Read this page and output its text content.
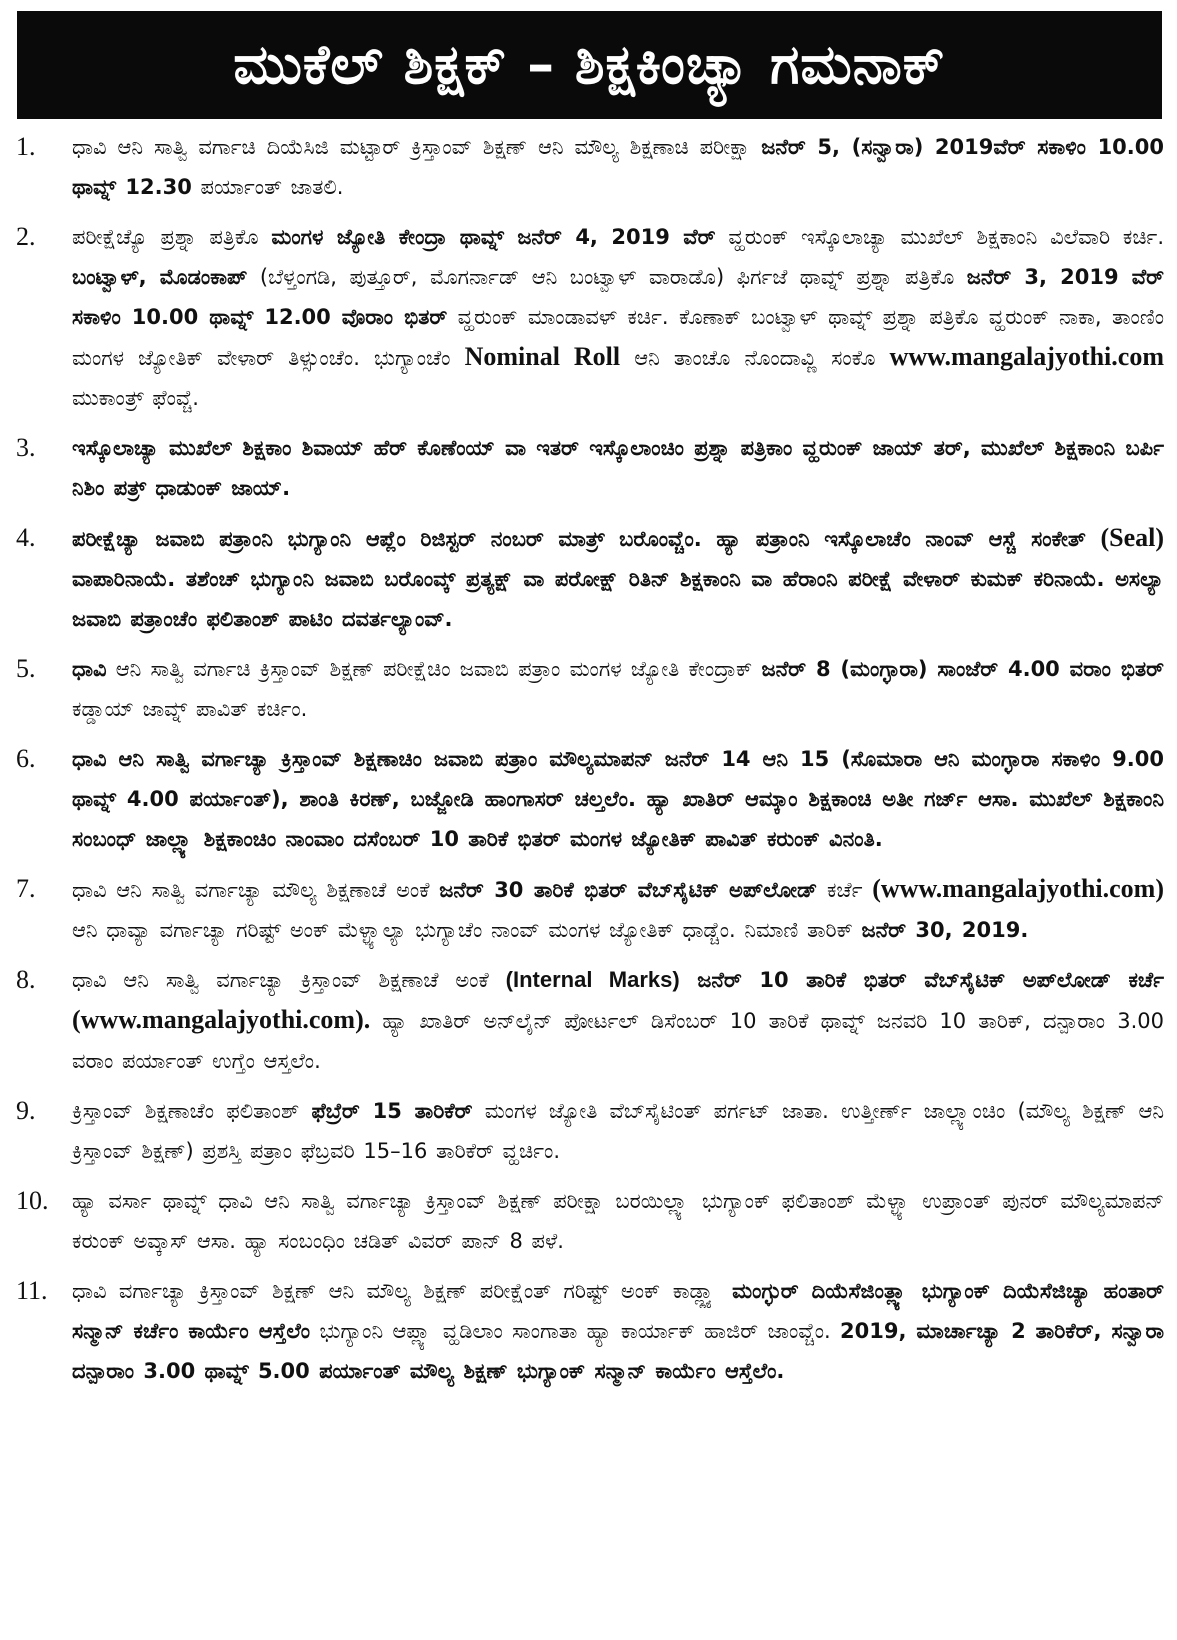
ಮುಕೆಲ್ ಶಿಕ್ಷಕ್ – ಶಿಕ್ಷಕಿಂಚ್ಯಾ ಗಮನಾಕ್
1.	ಧಾವಿ ಆನಿ ಸಾತ್ವಿ ವರ್ಗಾಚಿ ದಿಯೆಸಿಜಿ ಮಟ್ಟಾರ್ ಕ್ರಿಸ್ತಾಂವ್ ಶಿಕ್ಷಣ್ ಆನಿ ಮೌಲ್ಯ ಶಿಕ್ಷಣಾಚಿ ಪರೀಕ್ಷಾ ಜನೆರ್ 5, (ಸನ್ವಾರಾ) 2019ವೆರ್ ಸಕಾಳಿಂ 10.00 ಥಾವ್ನ್ 12.30 ಪರ್ಯಾಂತ್ ಜಾತಲಿ.
2.	ಪರೀಕ್ಷೆಚ್ಯೊ ಪ್ರಶ್ನಾ ಪತ್ರಿಕೊ ಮಂಗಳ ಜ್ಯೋತಿ ಕೇಂದ್ರಾ ಥಾವ್ನ್ ಜನೆರ್ 4, 2019 ವೆರ್ ವ್ಹರುಂಕ್ ಇಸ್ಕೊಲಾಚ್ಯಾ ಮುಖೆಲ್ ಶಿಕ್ಷಕಾಂನಿ ವಿಲೆವಾರಿ ಕರ್ಚಿ. ಬಂಟ್ವಾಳ್, ಮೊಡಂಕಾಪ್ (ಬೆಳ್ತಂಗಡಿ, ಪುತ್ತೂರ್, ಮೊಗರ್ನಾಡ್ ಆನಿ ಬಂಟ್ವಾಳ್ ವಾರಾಡೊ) ಫಿರ್ಗಜೆ ಥಾವ್ನ್ ಪ್ರಶ್ನಾ ಪತ್ರಿಕೊ ಜನೆರ್ 3, 2019 ವೆರ್ ಸಕಾಳಿಂ 10.00 ಥಾವ್ನ್ 12.00 ವೊರಾಂ ಭಿತರ್ ವ್ಹರುಂಕ್ ಮಾಂಡಾವಳ್ ಕರ್ಚಿ. ಕೊಣಾಕ್ ಬಂಟ್ವಾಳ್ ಥಾವ್ನ್ ಪ್ರಶ್ನಾ ಪತ್ರಿಕೊ ವ್ಹರುಂಕ್ ನಾಕಾ, ತಾಂಣಿಂ ಮಂಗಳ ಜ್ಯೋತಿಕ್ ವೇಳಾರ್ ತಿಳ್ಸುಂಚೆಂ. ಭುಗ್ಯಾಂಚೆಂ Nominal Roll ಆನಿ ತಾಂಚೊ ನೊಂದಾವ್ಣಿ ಸಂಕೊ www.mangalajyothi.com ಮುಕಾಂತ್ರ್ ಫೆಂವ್ಚೆ.
3.	ಇಸ್ಕೊಲಾಚ್ಯಾ ಮುಖೆಲ್ ಶಿಕ್ಷಕಾಂ ಶಿವಾಯ್ ಹೆರ್ ಕೊಣೆಂಯ್ ವಾ ಇತರ್ ಇಸ್ಕೊಲಾಂಚಿಂ ಪ್ರಶ್ನಾ ಪತ್ರಿಕಾಂ ವ್ಹರುಂಕ್ ಜಾಯ್ ತರ್, ಮುಖೆಲ್ ಶಿಕ್ಷಕಾಂನಿ ಬರ್ಪಿ ನಿಶಿಂ ಪತ್ರ್ ಧಾಡುಂಕ್ ಜಾಯ್.
4.	ಪರೀಕ್ಷೆಚ್ಯಾ ಜವಾಬಿ ಪತ್ರಾಂನಿ ಭುಗ್ಯಾಂನಿ ಆಪ್ಲೆಂ ರಿಜಿಸ್ಟರ್ ನಂಬರ್ ಮಾತ್ರ್ ಬರೊಂವ್ಚೆಂ. ಹ್ಯಾ ಪತ್ರಾಂನಿ ಇಸ್ಕೊಲಾಚೆಂ ನಾಂವ್ ಆಸ್ಚೆ ಸಂಕೇತ್ (Seal) ವಾಪಾರಿನಾಯೆ. ತಶೆಂಚ್ ಭುಗ್ಯಾಂನಿ ಜವಾಬಿ ಬರೊಂವ್ಕ್ ಪ್ರತ್ಯಕ್ಷ್ ವಾ ಪರೋಕ್ಷ್ ರಿತಿನ್ ಶಿಕ್ಷಕಾಂನಿ ವಾ ಹೆರಾಂನಿ ಪರೀಕ್ಷೆ ವೇಳಾರ್ ಕುಮಕ್ ಕರಿನಾಯೆ. ಅಸಲ್ಯಾ ಜವಾಬಿ ಪತ್ರಾಂಚೆಂ ಫಲಿತಾಂಶ್ ಪಾಟಿಂ ದವರ್ತಲ್ಯಾಂವ್.
5.	ಧಾವಿ ಆನಿ ಸಾತ್ವಿ ವರ್ಗಾಚಿ ಕ್ರಿಸ್ತಾಂವ್ ಶಿಕ್ಷಣ್ ಪರೀಕ್ಷೆಚಿಂ ಜವಾಬಿ ಪತ್ರಾಂ ಮಂಗಳ ಜ್ಯೋತಿ ಕೇಂದ್ರಾಕ್ ಜನೆರ್ 8 (ಮಂಗ್ಳಾರಾ) ಸಾಂಜೆರ್ 4.00 ವರಾಂ ಭಿತರ್ ಕಡ್ಡಾಯ್ ಜಾವ್ನ್ ಪಾವಿತ್ ಕರ್ಚಿಂ.
6.	ಧಾವಿ ಆನಿ ಸಾತ್ವಿ ವರ್ಗಾಚ್ಯಾ ಕ್ರಿಸ್ತಾಂವ್ ಶಿಕ್ಷಣಾಚಿಂ ಜವಾಬಿ ಪತ್ರಾಂ ಮೌಲ್ಯಮಾಪನ್ ಜನೆರ್ 14 ಆನಿ 15 (ಸೊಮಾರಾ ಆನಿ ಮಂಗ್ಳಾರಾ ಸಕಾಳಿಂ 9.00 ಥಾವ್ನ್ 4.00 ಪರ್ಯಾಂತ್), ಶಾಂತಿ ಕಿರಣ್, ಬಜ್ಜೋಡಿ ಹಾಂಗಾಸರ್ ಚಲ್ತಲೆಂ. ಹ್ಯಾ ಖಾತಿರ್ ಆಮ್ಕಾಂ ಶಿಕ್ಷಕಾಂಚಿ ಅತೀ ಗರ್ಜ್ ಆಸಾ. ಮುಖೆಲ್ ಶಿಕ್ಷಕಾಂನಿ ಸಂಬಂಧ್ ಜಾಲ್ಲ್ಯಾ ಶಿಕ್ಷಕಾಂಚಿಂ ನಾಂವಾಂ ದಸೆಂಬರ್ 10 ತಾರಿಕೆ ಭಿತರ್ ಮಂಗಳ ಜ್ಯೋತಿಕ್ ಪಾವಿತ್ ಕರುಂಕ್ ವಿನಂತಿ.
7.	ಧಾವಿ ಆನಿ ಸಾತ್ವಿ ವರ್ಗಾಚ್ಯಾ ಮೌಲ್ಯ ಶಿಕ್ಷಣಾಚೆ ಅಂಕೆ ಜನೆರ್ 30 ತಾರಿಕೆ ಭಿತರ್ ವೆಬ್‌ಸೈಟಿಕ್ ಅಪ್‌ಲೋಡ್ ಕರ್ಚೆ (www.mangalajyothi.com) ಆನಿ ಧಾವ್ಯಾ ವರ್ಗಾಚ್ಯಾ ಗರಿಷ್ಟ್ ಅಂಕ್ ಮೆಳ್ಳ್ಯಾಲ್ಯಾ ಭುಗ್ಯಾಚೆಂ ನಾಂವ್ ಮಂಗಳ ಜ್ಯೋತಿಕ್ ಧಾಡ್ಚೆಂ. ನಿಮಾಣಿ ತಾರಿಕ್ ಜನೆರ್ 30, 2019.
8.	ಧಾವಿ ಆನಿ ಸಾತ್ವಿ ವರ್ಗಾಚ್ಯಾ ಕ್ರಿಸ್ತಾಂವ್ ಶಿಕ್ಷಣಾಚೆ ಅಂಕೆ (Internal Marks) ಜನೆರ್ 10 ತಾರಿಕೆ ಭಿತರ್ ವೆಬ್‌ಸೈಟಿಕ್ ಅಪ್‌ಲೋಡ್ ಕರ್ಚೆ (www.mangalajyothi.com). ಹ್ಯಾ ಖಾತಿರ್ ಅನ್‌ಲೈನ್ ಪೋರ್ಟಲ್ ಡಿಸೆಂಬರ್ 10 ತಾರಿಕೆ ಥಾವ್ನ್ ಜನವರಿ 10 ತಾರಿಕ್, ದನ್ಪಾರಾಂ 3.00 ವರಾಂ ಪರ್ಯಾಂತ್ ಉಗ್ತೆಂ ಆಸ್ತಲೆಂ.
9.	ಕ್ರಿಸ್ತಾಂವ್ ಶಿಕ್ಷಣಾಚೆಂ ಫಲಿತಾಂಶ್ ಫೆಬ್ರೆರ್ 15 ತಾರಿಕೆರ್ ಮಂಗಳ ಜ್ಯೋತಿ ವೆಬ್‌ಸೈಟಿಂತ್ ಪರ್ಗಟ್ ಜಾತಾ. ಉತ್ತೀರ್ಣ್ ಜಾಲ್ಲ್ಯಾಂಚಿಂ (ಮೌಲ್ಯ ಶಿಕ್ಷಣ್ ಆನಿ ಕ್ರಿಸ್ತಾಂವ್ ಶಿಕ್ಷಣ್) ಪ್ರಶಸ್ತಿ ಪತ್ರಾಂ ಫೆಬ್ರವರಿ 15–16 ತಾರಿಕೆರ್ ವ್ಹರ್ಚಿಂ.
10.	ಹ್ಯಾ ವರ್ಸಾ ಥಾವ್ನ್ ಧಾವಿ ಆನಿ ಸಾತ್ವಿ ವರ್ಗಾಚ್ಯಾ ಕ್ರಿಸ್ತಾಂವ್ ಶಿಕ್ಷಣ್ ಪರೀಕ್ಷಾ ಬರಯಿಲ್ಲ್ಯಾ ಭುಗ್ಯಾಂಕ್ ಫಲಿತಾಂಶ್ ಮೆಳ್ಳ್ಯಾ ಉಪ್ರಾಂತ್ ಪುನರ್ ಮೌಲ್ಯಮಾಪನ್ ಕರುಂಕ್ ಅವ್ಕಾಸ್ ಆಸಾ. ಹ್ಯಾ ಸಂಬಂಧಿಂ ಚಡಿತ್ ವಿವರ್ ಪಾನ್ 8 ಪಳೆ.
11.	ಧಾವಿ ವರ್ಗಾಚ್ಯಾ ಕ್ರಿಸ್ತಾಂವ್ ಶಿಕ್ಷಣ್ ಆನಿ ಮೌಲ್ಯ ಶಿಕ್ಷಣ್ ಪರೀಕ್ಷೆಂತ್ ಗರಿಷ್ಟ್ ಅಂಕ್ ಕಾಡ್ಲ್ಲ್ಯಾ ಮಂಗ್ಳುರ್ ದಿಯೆಸೆಜಿಂತ್ಲ್ಯಾ ಭುಗ್ಯಾಂಕ್ ದಿಯೆಸೆಜಿಚ್ಯಾ ಹಂತಾರ್ ಸನ್ಮಾನ್ ಕರ್ಚೆಂ ಕಾರ್ಯೆಂ ಆಸ್ತೆಲೆಂ ಭುಗ್ಯಾಂನಿ ಆಪ್ಲ್ಯಾ ವ್ಹಡಿಲಾಂ ಸಾಂಗಾತಾ ಹ್ಯಾ ಕಾರ್ಯಾಕ್ ಹಾಜಿರ್ ಜಾಂವ್ಚೆಂ. 2019, ಮಾರ್ಚಾಚ್ಯಾ 2 ತಾರಿಕೆರ್, ಸನ್ವಾರಾ ದನ್ಪಾರಾಂ 3.00 ಥಾವ್ನ್ 5.00 ಪರ್ಯಾಂತ್ ಮೌಲ್ಯ ಶಿಕ್ಷಣ್ ಭುಗ್ಯಾಂಕ್ ಸನ್ಮಾನ್ ಕಾರ್ಯೆಂ ಆಸ್ತೆಲೆಂ.
